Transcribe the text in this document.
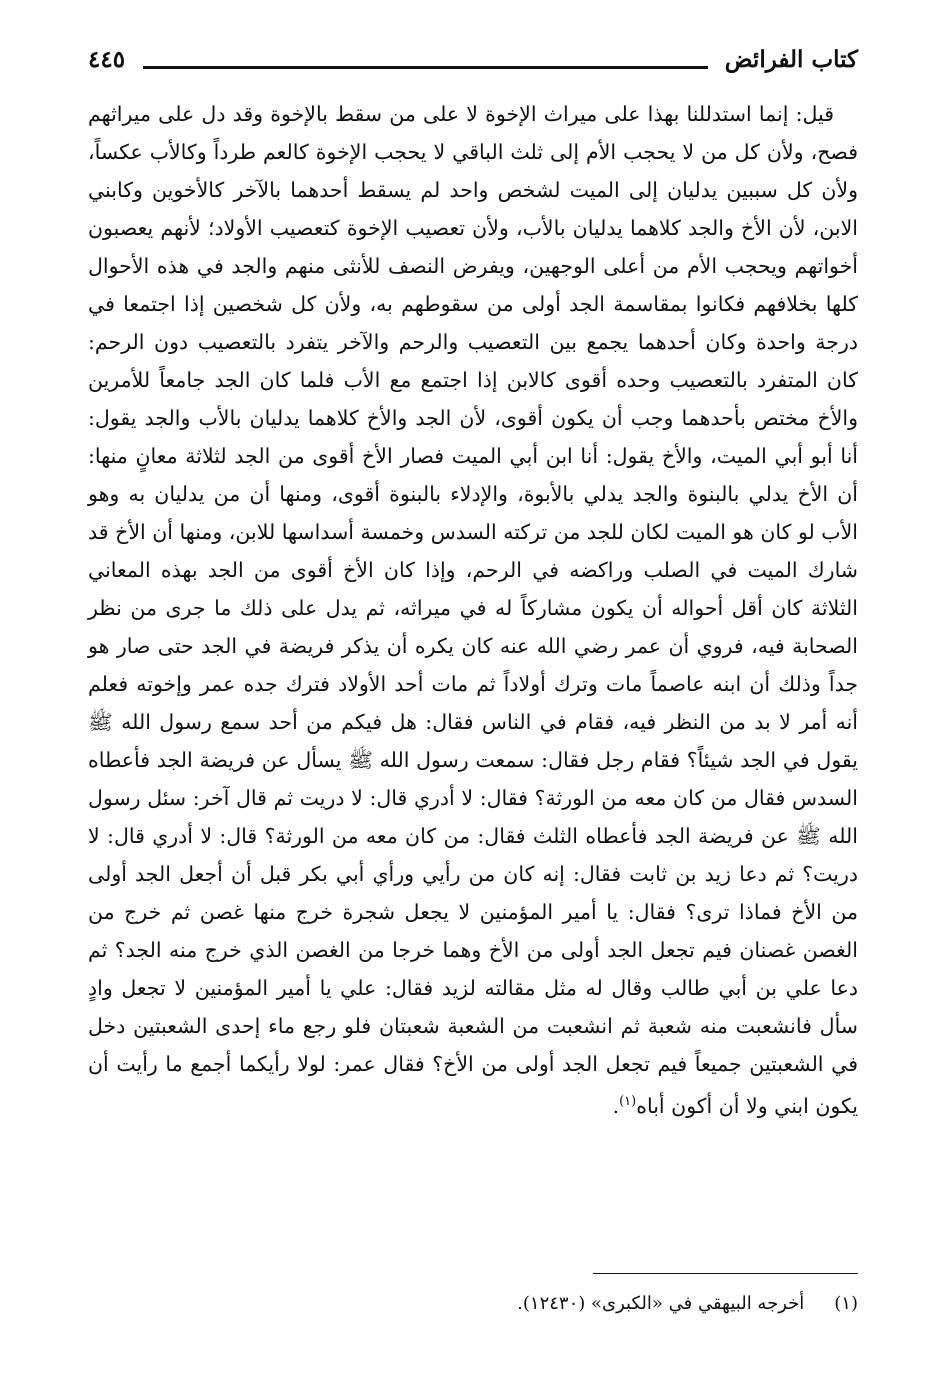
كتاب الفرائض
٤٤٥

قيل: إنما استدللنا بهذا على ميراث الإخوة لا على من سقط بالإخوة وقد دل على ميراثهم فصح، ولأن كل من لا يحجب الأم إلى ثلث الباقي لا يحجب الإخوة كالعم طرداً وكالأب عكساً، ولأن كل سببين يدليان إلى الميت لشخص واحد لم يسقط أحدهما بالآخر كالأخوين وكابني الابن، لأن الأخ والجد كلاهما يدليان بالأب، ولأن تعصيب الإخوة كتعصيب الأولاد؛ لأنهم يعصبون أخواتهم ويحجب الأم من أعلى الوجهين، ويفرض النصف للأنثى منهم والجد في هذه الأحوال كلها بخلافهم فكانوا بمقاسمة الجد أولى من سقوطهم به، ولأن كل شخصين إذا اجتمعا في درجة واحدة وكان أحدهما يجمع بين التعصيب والرحم والآخر يتفرد بالتعصيب دون الرحم: كان المتفرد بالتعصيب وحده أقوى كالابن إذا اجتمع مع الأب فلما كان الجد جامعاً للأمرين والأخ مختص بأحدهما وجب أن يكون أقوى، لأن الجد والأخ كلاهما يدليان بالأب والجد يقول: أنا أبو أبي الميت، والأخ يقول: أنا ابن أبي الميت فصار الأخ أقوى من الجد لثلاثة معانٍ منها: أن الأخ يدلي بالبنوة والجد يدلي بالأبوة، والإدلاء بالبنوة أقوى، ومنها أن من يدليان به وهو الأب لو كان هو الميت لكان للجد من تركته السدس وخمسة أسداسها للابن، ومنها أن الأخ قد شارك الميت في الصلب وراكضه في الرحم، وإذا كان الأخ أقوى من الجد بهذه المعاني الثلاثة كان أقل أحواله أن يكون مشاركاً له في ميراثه، ثم يدل على ذلك ما جرى من نظر الصحابة فيه، فروي أن عمر رضي الله عنه كان يكره أن يذكر فريضة في الجد حتى صار هو جداً وذلك أن ابنه عاصماً مات وترك أولاداً ثم مات أحد الأولاد فترك جده عمر وإخوته فعلم أنه أمر لا بد من النظر فيه، فقام في الناس فقال: هل فيكم من أحد سمع رسول الله ﷺ يقول في الجد شيئاً؟ فقام رجل فقال: سمعت رسول الله ﷺ يسأل عن فريضة الجد فأعطاه السدس فقال من كان معه من الورثة؟ فقال: لا أدري قال: لا دريت ثم قال آخر: سئل رسول الله ﷺ عن فريضة الجد فأعطاه الثلث فقال: من كان معه من الورثة؟ قال: لا أدري قال: لا دريت؟ ثم دعا زيد بن ثابت فقال: إنه كان من رأيي ورأي أبي بكر قبل أن أجعل الجد أولى من الأخ فماذا ترى؟ فقال: يا أمير المؤمنين لا يجعل شجرة خرج منها غصن ثم خرج من الغصن غصنان فيم تجعل الجد أولى من الأخ وهما خرجا من الغصن الذي خرج منه الجد؟ ثم دعا علي بن أبي طالب وقال له مثل مقالته لزيد فقال: علي يا أمير المؤمنين لا تجعل وادٍ سأل فانشعبت منه شعبة ثم انشعبت من الشعبة شعبتان فلو رجع ماء إحدى الشعبتين دخل في الشعبتين جميعاً فيم تجعل الجد أولى من الأخ؟ فقال عمر: لولا رأيكما أجمع ما رأيت أن يكون ابني ولا أن أكون أباه$^{(١)}$.

(١)أخرجه البيهقي في «الكبرى» (١٢٤٣٠).
